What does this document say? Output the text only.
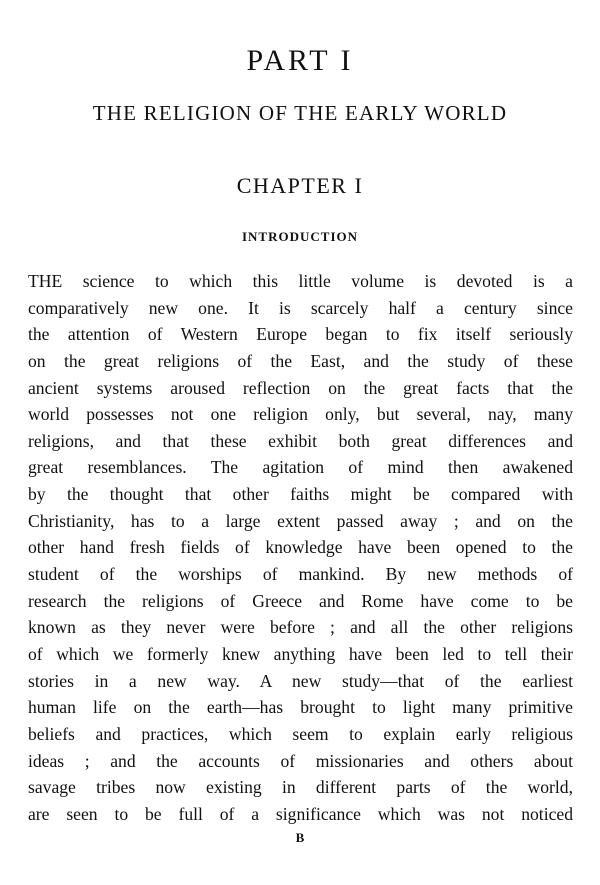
PART I
THE RELIGION OF THE EARLY WORLD
CHAPTER I
INTRODUCTION
THE science to which this little volume is devoted is a
comparatively new one. It is scarcely half a century since
the attention of Western Europe began to fix itself seriously
on the great religions of the East, and the study of these
ancient systems aroused reflection on the great facts that the
world possesses not one religion only, but several, nay, many
religions, and that these exhibit both great differences and
great resemblances. The agitation of mind then awakened
by the thought that other faiths might be compared with
Christianity, has to a large extent passed away ; and on the
other hand fresh fields of knowledge have been opened to the
student of the worships of mankind. By new methods of
research the religions of Greece and Rome have come to be
known as they never were before ; and all the other religions
of which we formerly knew anything have been led to tell their
stories in a new way. A new study—that of the earliest
human life on the earth—has brought to light many primitive
beliefs and practices, which seem to explain early religious
ideas ; and the accounts of missionaries and others about
savage tribes now existing in different parts of the world,
are seen to be full of a significance which was not noticed
B
